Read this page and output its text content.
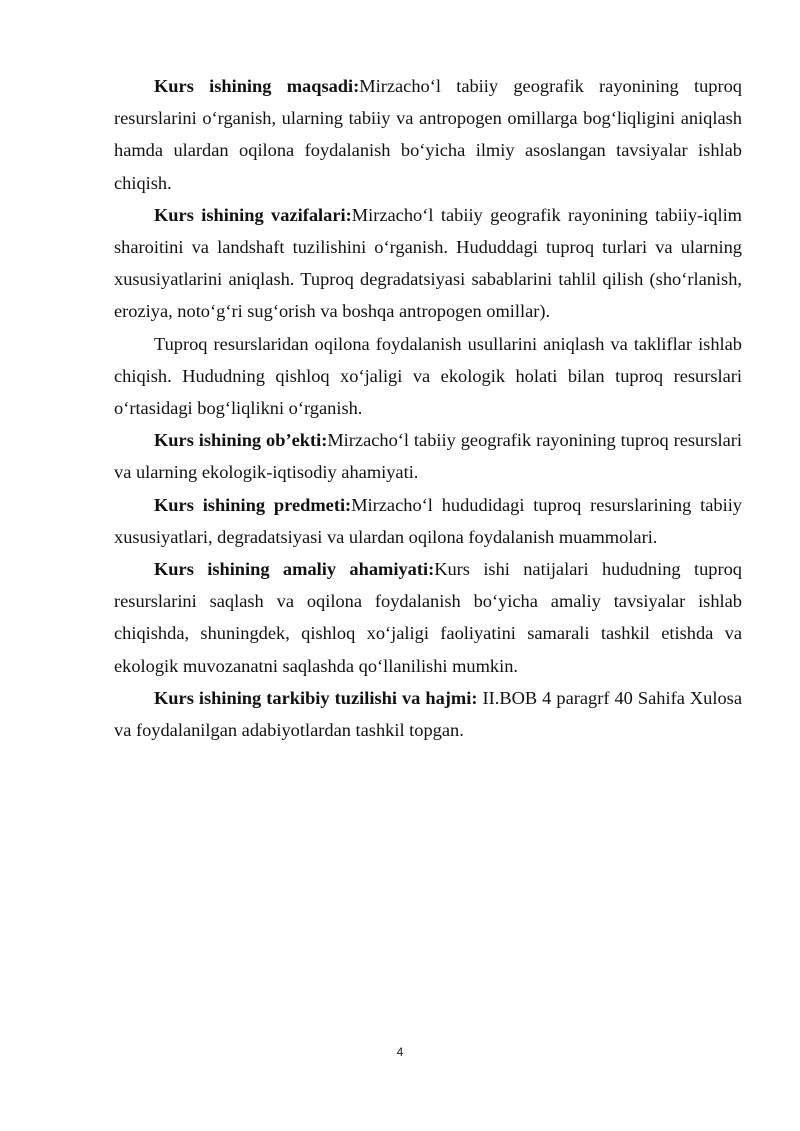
Kurs ishining maqsadi:Mirzacho‘l tabiiy geografik rayonining tuproq resurslarini o‘rganish, ularning tabiiy va antropogen omillarga bog‘liqligini aniqlash hamda ulardan oqilona foydalanish bo‘yicha ilmiy asoslangan tavsiyalar ishlab chiqish.

Kurs ishining vazifalari:Mirzacho‘l tabiiy geografik rayonining tabiiy-iqlim sharoitini va landshaft tuzilishini o‘rganish. Hududdagi tuproq turlari va ularning xususiyatlarini aniqlash. Tuproq degradatsiyasi sabablarini tahlil qilish (sho‘rlanish, eroziya, noto‘g‘ri sug‘orish va boshqa antropogen omillar).

Tuproq resurslaridan oqilona foydalanish usullarini aniqlash va takliflar ishlab chiqish. Hududning qishloq xo‘jaligi va ekologik holati bilan tuproq resurslari o‘rtasidagi bog‘liqlikni o‘rganish.

Kurs ishining ob’ekti:Mirzacho‘l tabiiy geografik rayonining tuproq resurslari va ularning ekologik-iqtisodiy ahamiyati.

Kurs ishining predmeti:Mirzacho‘l hududidagi tuproq resurslarining tabiiy xususiyatlari, degradatsiyasi va ulardan oqilona foydalanish muammolari.

Kurs ishining amaliy ahamiyati:Kurs ishi natijalari hududning tuproq resurslarini saqlash va oqilona foydalanish bo‘yicha amaliy tavsiyalar ishlab chiqishda, shuningdek, qishloq xo‘jaligi faoliyatini samarali tashkil etishda va ekologik muvozanatni saqlashda qo‘llanilishi mumkin.

Kurs ishining tarkibiy tuzilishi va hajmi: II.BOB 4 paragrf 40 Sahifa Xulosa va foydalanilgan adabiyotlardan tashkil topgan.

4
